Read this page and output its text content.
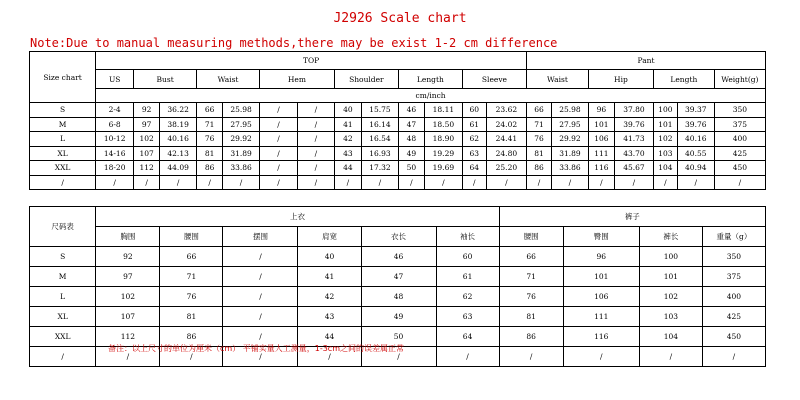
J2926 Scale chart
Note:Due to manual measuring methods,there may be exist 1-2 cm difference
Size chart	TOP													Pant						
	US	Bust		Waist		Hem		Shoulder		Length		Sleeve		Waist		Hip		Length		Weight(g)
	cm/inch																			
S	2-4	92	36.22	66	25.98	/	/	40	15.75	46	18.11	60	23.62	66	25.98	96	37.80	100	39.37	350
M	6-8	97	38.19	71	27.95	/	/	41	16.14	47	18.50	61	24.02	71	27.95	101	39.76	101	39.76	375
L	10-12	102	40.16	76	29.92	/	/	42	16.54	48	18.90	62	24.41	76	29.92	106	41.73	102	40.16	400
XL	14-16	107	42.13	81	31.89	/	/	43	16.93	49	19.29	63	24.80	81	31.89	111	43.70	103	40.55	425
XXL	18-20	112	44.09	86	33.86	/	/	44	17.32	50	19.69	64	25.20	86	33.86	116	45.67	104	40.94	450
/	/	/	/	/	/	/	/	/	/	/	/	/	/	/	/	/	/	/	/	/
尺码表	上衣						裤子			
	胸围	腰围	摆围	肩宽	衣长	袖长	腰围	臀围	裤长	重量（g）
S	92	66	/	40	46	60	66	96	100	350
M	97	71	/	41	47	61	71	101	101	375
L	102	76	/	42	48	62	76	106	102	400
XL	107	81	/	43	49	63	81	111	103	425
XXL	112	86	/	44	50	64	86	116	104	450
/	/	/	/	/	/	/	/	/	/	/
备注：以上尺寸的单位为厘米（cm） 平铺实量人工测量，1-3cm之间的误差属正常
